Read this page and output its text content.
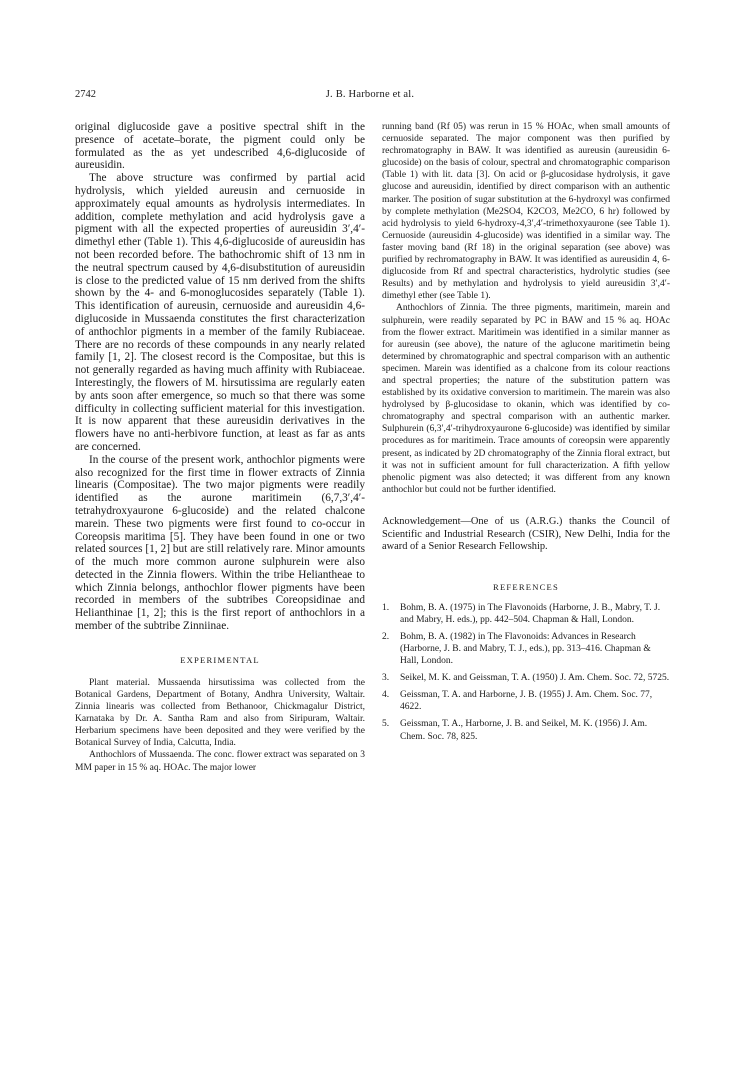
2742	J. B. Harborne et al.

original diglucoside gave a positive spectral shift in the presence of acetate–borate, the pigment could only be formulated as the as yet undescribed 4,6-diglucoside of aureusidin.

The above structure was confirmed by partial acid hydrolysis, which yielded aureusin and cernuoside in approximately equal amounts as hydrolysis intermediates. In addition, complete methylation and acid hydrolysis gave a pigment with all the expected properties of aureusidin 3′,4′-dimethyl ether (Table 1). This 4,6-diglucoside of aureusidin has not been recorded before. The bathochromic shift of 13 nm in the neutral spectrum caused by 4,6-disubstitution of aureusidin is close to the predicted value of 15 nm derived from the shifts shown by the 4- and 6-monoglucosides separately (Table 1). This identification of aureusin, cernuoside and aureusidin 4,6-diglucoside in Mussaenda constitutes the first characterization of anthochlor pigments in a member of the family Rubiaceae. There are no records of these compounds in any nearly related family [1, 2]. The closest record is the Compositae, but this is not generally regarded as having much affinity with Rubiaceae. Interestingly, the flowers of M. hirsutissima are regularly eaten by ants soon after emergence, so much so that there was some difficulty in collecting sufficient material for this investigation. It is now apparent that these aureusidin derivatives in the flowers have no anti-herbivore function, at least as far as ants are concerned.

In the course of the present work, anthochlor pigments were also recognized for the first time in flower extracts of Zinnia linearis (Compositae). The two major pigments were readily identified as the aurone maritimein (6,7,3′,4′-tetrahydroxyaurone 6-glucoside) and the related chalcone marein. These two pigments were first found to co-occur in Coreopsis maritima [5]. They have been found in one or two related sources [1, 2] but are still relatively rare. Minor amounts of the much more common aurone sulphurein were also detected in the Zinnia flowers. Within the tribe Heliantheae to which Zinnia belongs, anthochlor flower pigments have been recorded in members of the subtribes Coreopsidinae and Helianthinae [1, 2]; this is the first report of anthochlors in a member of the subtribe Zinniinae.

EXPERIMENTAL

Plant material. Mussaenda hirsutissima was collected from the Botanical Gardens, Department of Botany, Andhra University, Waltair. Zinnia linearis was collected from Bethanoor, Chickmagalur District, Karnataka by Dr. A. Santha Ram and also from Siripuram, Waltair. Herbarium specimens have been deposited and they were verified by the Botanical Survey of India, Calcutta, India.

Anthochlors of Mussaenda. The conc. flower extract was separated on 3 MM paper in 15 % aq. HOAc. The major lower

running band (Rf 05) was rerun in 15 % HOAc, when small amounts of cernuoside separated. The major component was then purified by rechromatography in BAW. It was identified as aureusin (aureusidin 6-glucoside) on the basis of colour, spectral and chromatographic comparison (Table 1) with lit. data [3]. On acid or β-glucosidase hydrolysis, it gave glucose and aureusidin, identified by direct comparison with an authentic marker. The position of sugar substitution at the 6-hydroxyl was confirmed by complete methylation (Me2SO4, K2CO3, Me2CO, 6 hr) followed by acid hydrolysis to yield 6-hydroxy-4,3′,4′-trimethoxyaurone (see Table 1). Cernuoside (aureusidin 4-glucoside) was identified in a similar way. The faster moving band (Rf 18) in the original separation (see above) was purified by rechromatography in BAW. It was identified as aureusidin 4, 6-diglucoside from Rf and spectral characteristics, hydrolytic studies (see Results) and by methylation and hydrolysis to yield aureusidin 3′,4′-dimethyl ether (see Table 1).

Anthochlors of Zinnia. The three pigments, maritimein, marein and sulphurein, were readily separated by PC in BAW and 15 % aq. HOAc from the flower extract. Maritimein was identified in a similar manner as for aureusin (see above), the nature of the aglucone maritimetin being determined by chromatographic and spectral comparison with an authentic specimen. Marein was identified as a chalcone from its colour reactions and spectral properties; the nature of the substitution pattern was established by its oxidative conversion to maritimein. The marein was also hydrolysed by β-glucosidase to okanin, which was identified by co-chromatography and spectral comparison with an authentic marker. Sulphurein (6,3′,4′-trihydroxyaurone 6-glucoside) was identified by similar procedures as for maritimein. Trace amounts of coreopsin were apparently present, as indicated by 2D chromatography of the Zinnia floral extract, but it was not in sufficient amount for full characterization. A fifth yellow phenolic pigment was also detected; it was different from any known anthochlor but could not be further identified.

Acknowledgement—One of us (A.R.G.) thanks the Council of Scientific and Industrial Research (CSIR), New Delhi, India for the award of a Senior Research Fellowship.

REFERENCES
1. Bohm, B. A. (1975) in The Flavonoids (Harborne, J. B., Mabry, T. J. and Mabry, H. eds.), pp. 442–504. Chapman & Hall, London.
2. Bohm, B. A. (1982) in The Flavonoids: Advances in Research (Harborne, J. B. and Mabry, T. J., eds.), pp. 313–416. Chapman & Hall, London.
3. Seikel, M. K. and Geissman, T. A. (1950) J. Am. Chem. Soc. 72, 5725.
4. Geissman, T. A. and Harborne, J. B. (1955) J. Am. Chem. Soc. 77, 4622.
5. Geissman, T. A., Harborne, J. B. and Seikel, M. K. (1956) J. Am. Chem. Soc. 78, 825.
